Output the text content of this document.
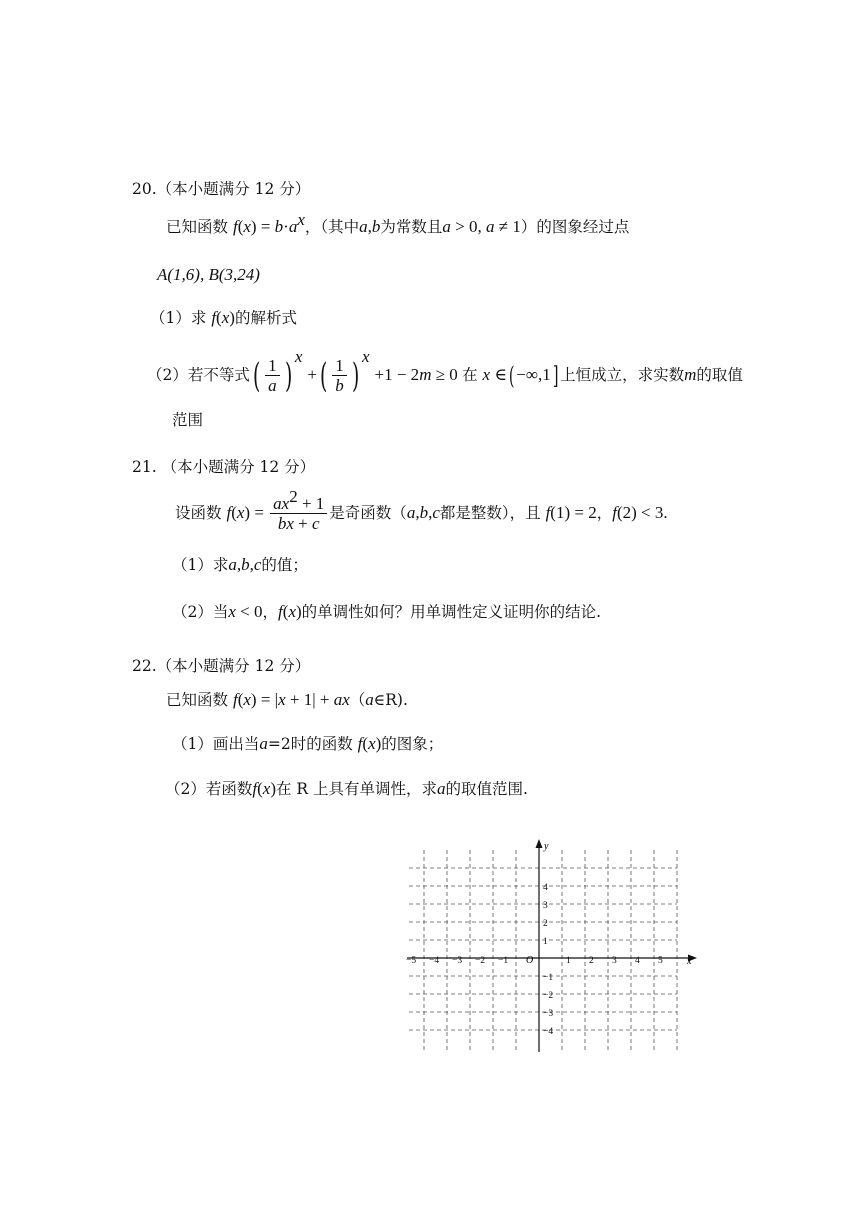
20.（本小题满分 12 分）
已知函数 $f(x) = b\cdot a^x$，（其中a,b为常数且a > 0, a ≠ 1）的图象经过点
A(1,6), B(3,24)
（1）求 f(x)的解析式
（2）若不等式( $\frac{1}{a}$ ) $^x$ +( $\frac{1}{b}$ ) $^x$ +1 − 2m ≥ 0 在 x ∈( −∞,1] 上恒成立，求实数m的取值
范围
21. （本小题满分 12 分）
设函数 $f(x) = \frac{ax^2 + 1}{bx + c}$ 是奇函数（a,b,c都是整数），且 f(1) = 2，f(2) < 3.
（1）求a,b,c的值；
（2）当x < 0，f(x)的单调性如何？用单调性定义证明你的结论.
22.（本小题满分 12 分）
已知函数 f(x) = |x + 1| + ax（a∈R).
（1）画出当a=2时的函数 f(x)的图象；
（2）若函数f(x)在 R 上具有单调性，求a的取值范围.
x
y
O
−5 −4 −3 −2 −1	1 2 3 4 5
4
3
2
1
−1
−2
−3
−4
